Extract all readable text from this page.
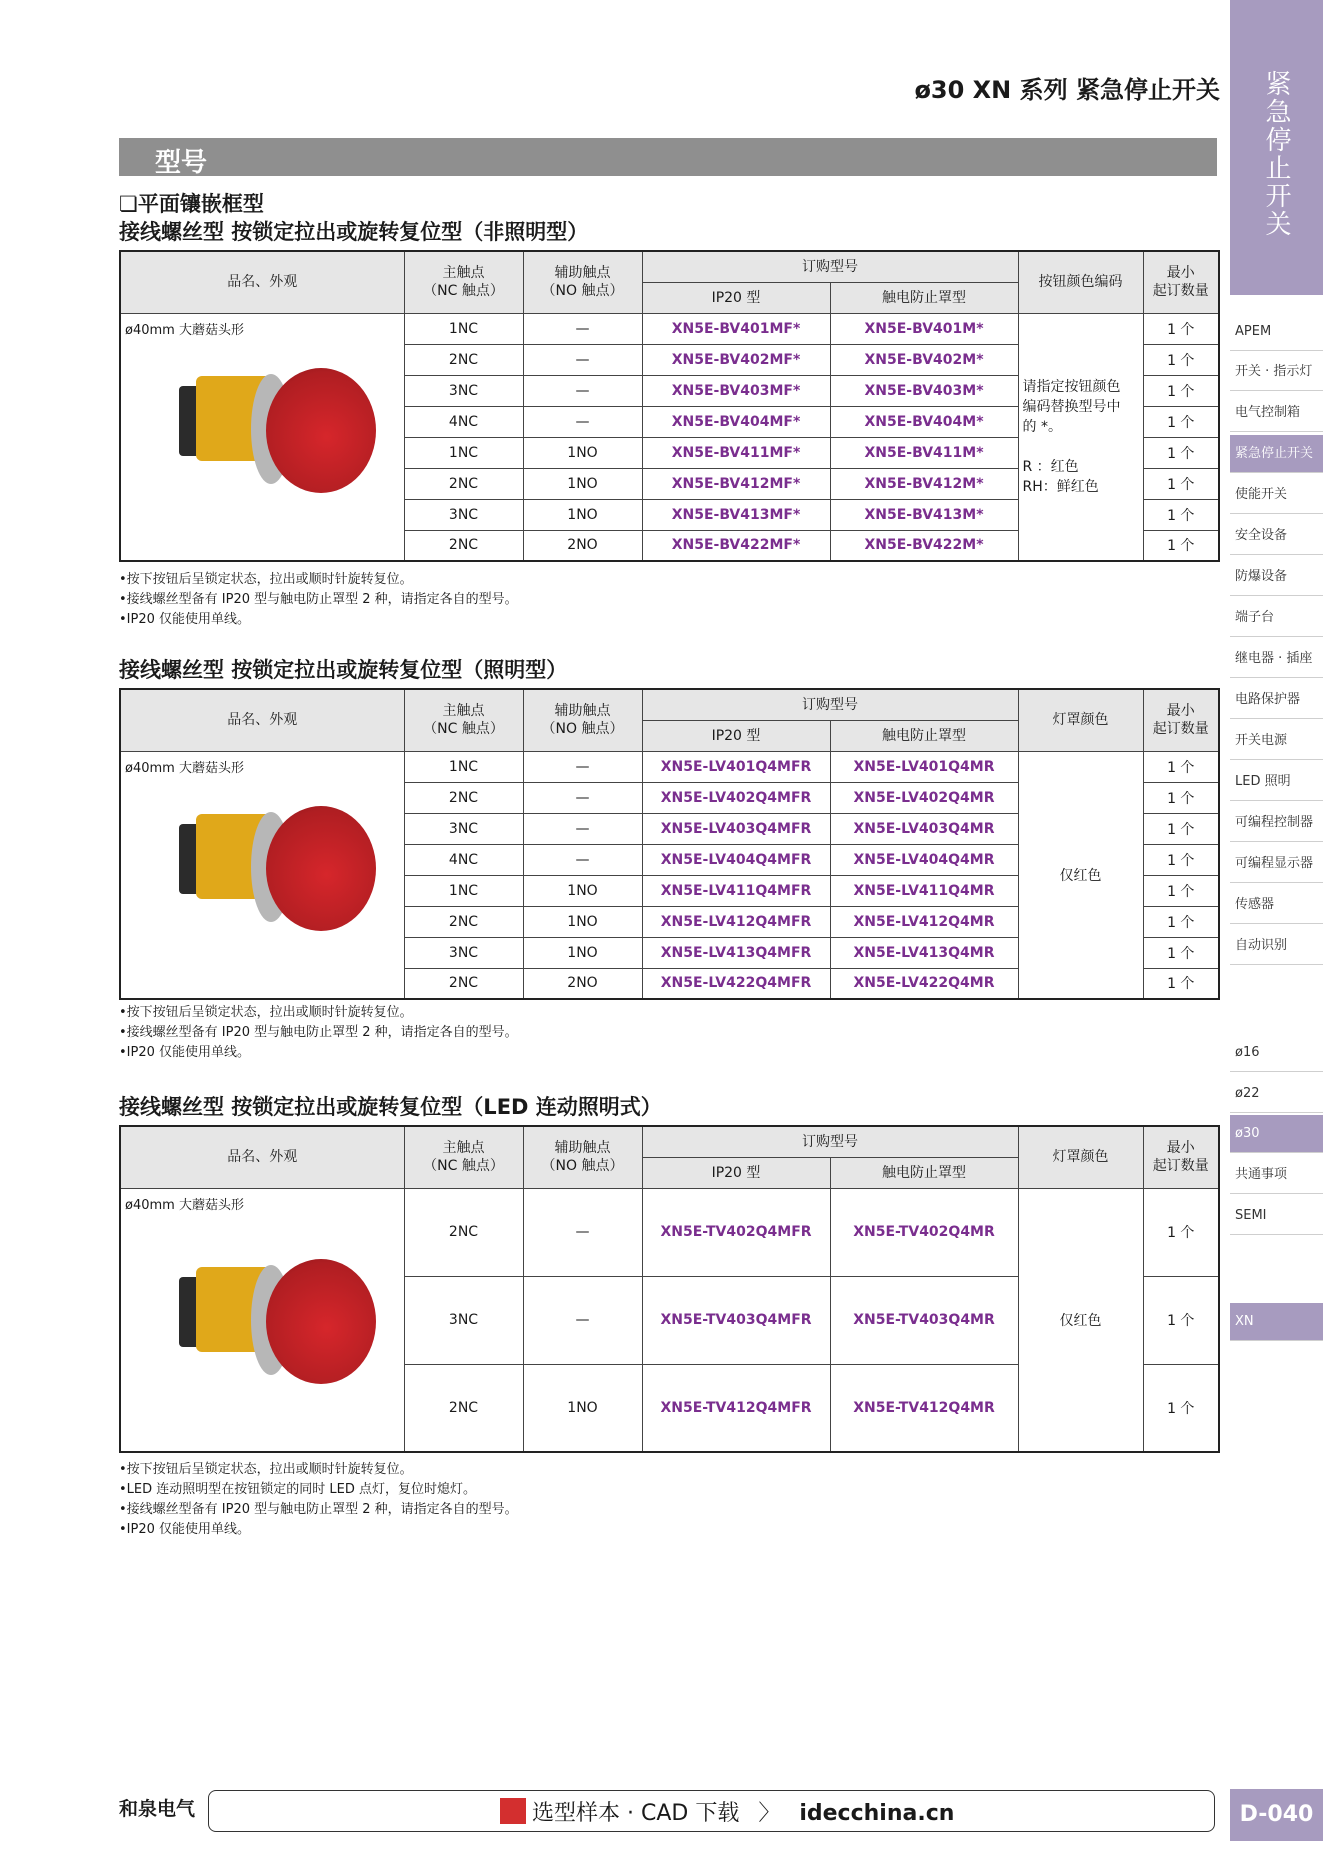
ø30 XN 系列 紧急停止开关
型号
❏平面镶嵌框型
接线螺丝型 按锁定拉出或旋转复位型（非照明型）
品名、外观	主触点
（NC 触点）	辅助触点
（NO 触点）	订购型号		按钮颜色编码	最小
起订数量
			IP20 型	触电防止罩型		

ø40mm 大蘑菇头形	1NC	—	XN5E-BV401MF*	XN5E-BV401M*	请指定按钮颜色
编码替换型号中
的 *。

R ：红色
RH：鲜红色	1 个
	2NC	—	XN5E-BV402MF*	XN5E-BV402M*		1 个
	3NC	—	XN5E-BV403MF*	XN5E-BV403M*		1 个
	4NC	—	XN5E-BV404MF*	XN5E-BV404M*		1 个
	1NC	1NO	XN5E-BV411MF*	XN5E-BV411M*		1 个
	2NC	1NO	XN5E-BV412MF*	XN5E-BV412M*		1 个
	3NC	1NO	XN5E-BV413MF*	XN5E-BV413M*		1 个
	2NC	2NO	XN5E-BV422MF*	XN5E-BV422M*		1 个
•按下按钮后呈锁定状态，拉出或顺时针旋转复位。
•接线螺丝型备有 IP20 型与触电防止罩型 2 种，请指定各自的型号。
•IP20 仅能使用单线。
接线螺丝型 按锁定拉出或旋转复位型（照明型）
品名、外观	主触点
（NC 触点）	辅助触点
（NO 触点）	订购型号		灯罩颜色	最小
起订数量
			IP20 型	触电防止罩型		

ø40mm 大蘑菇头形	1NC	—	XN5E-LV401Q4MFR	XN5E-LV401Q4MR	仅红色	1 个
	2NC	—	XN5E-LV402Q4MFR	XN5E-LV402Q4MR		1 个
	3NC	—	XN5E-LV403Q4MFR	XN5E-LV403Q4MR		1 个
	4NC	—	XN5E-LV404Q4MFR	XN5E-LV404Q4MR		1 个
	1NC	1NO	XN5E-LV411Q4MFR	XN5E-LV411Q4MR		1 个
	2NC	1NO	XN5E-LV412Q4MFR	XN5E-LV412Q4MR		1 个
	3NC	1NO	XN5E-LV413Q4MFR	XN5E-LV413Q4MR		1 个
	2NC	2NO	XN5E-LV422Q4MFR	XN5E-LV422Q4MR		1 个
•按下按钮后呈锁定状态，拉出或顺时针旋转复位。
•接线螺丝型备有 IP20 型与触电防止罩型 2 种，请指定各自的型号。
•IP20 仅能使用单线。
接线螺丝型 按锁定拉出或旋转复位型（LED 连动照明式）
品名、外观	主触点
（NC 触点）	辅助触点
（NO 触点）	订购型号		灯罩颜色	最小
起订数量
			IP20 型	触电防止罩型		

ø40mm 大蘑菇头形	2NC	—	XN5E-TV402Q4MFR	XN5E-TV402Q4MR	仅红色	1 个
	3NC	—	XN5E-TV403Q4MFR	XN5E-TV403Q4MR		1 个
	2NC	1NO	XN5E-TV412Q4MFR	XN5E-TV412Q4MR		1 个
•按下按钮后呈锁定状态，拉出或顺时针旋转复位。
•LED 连动照明型在按钮锁定的同时 LED 点灯，复位时熄灯。
•接线螺丝型备有 IP20 型与触电防止罩型 2 种，请指定各自的型号。
•IP20 仅能使用单线。
紧急停止开关
APEM
开关 · 指示灯
电气控制箱
紧急停止开关
使能开关
安全设备
防爆设备
端子台
继电器 · 插座
电路保护器
开关电源
LED 照明
可编程控制器
可编程显示器
传感器
自动识别
ø16
ø22
ø30
共通事项
SEMI
XN
和泉电气	选型样本 · CAD 下载 〉 idecchina.cn	D-040
